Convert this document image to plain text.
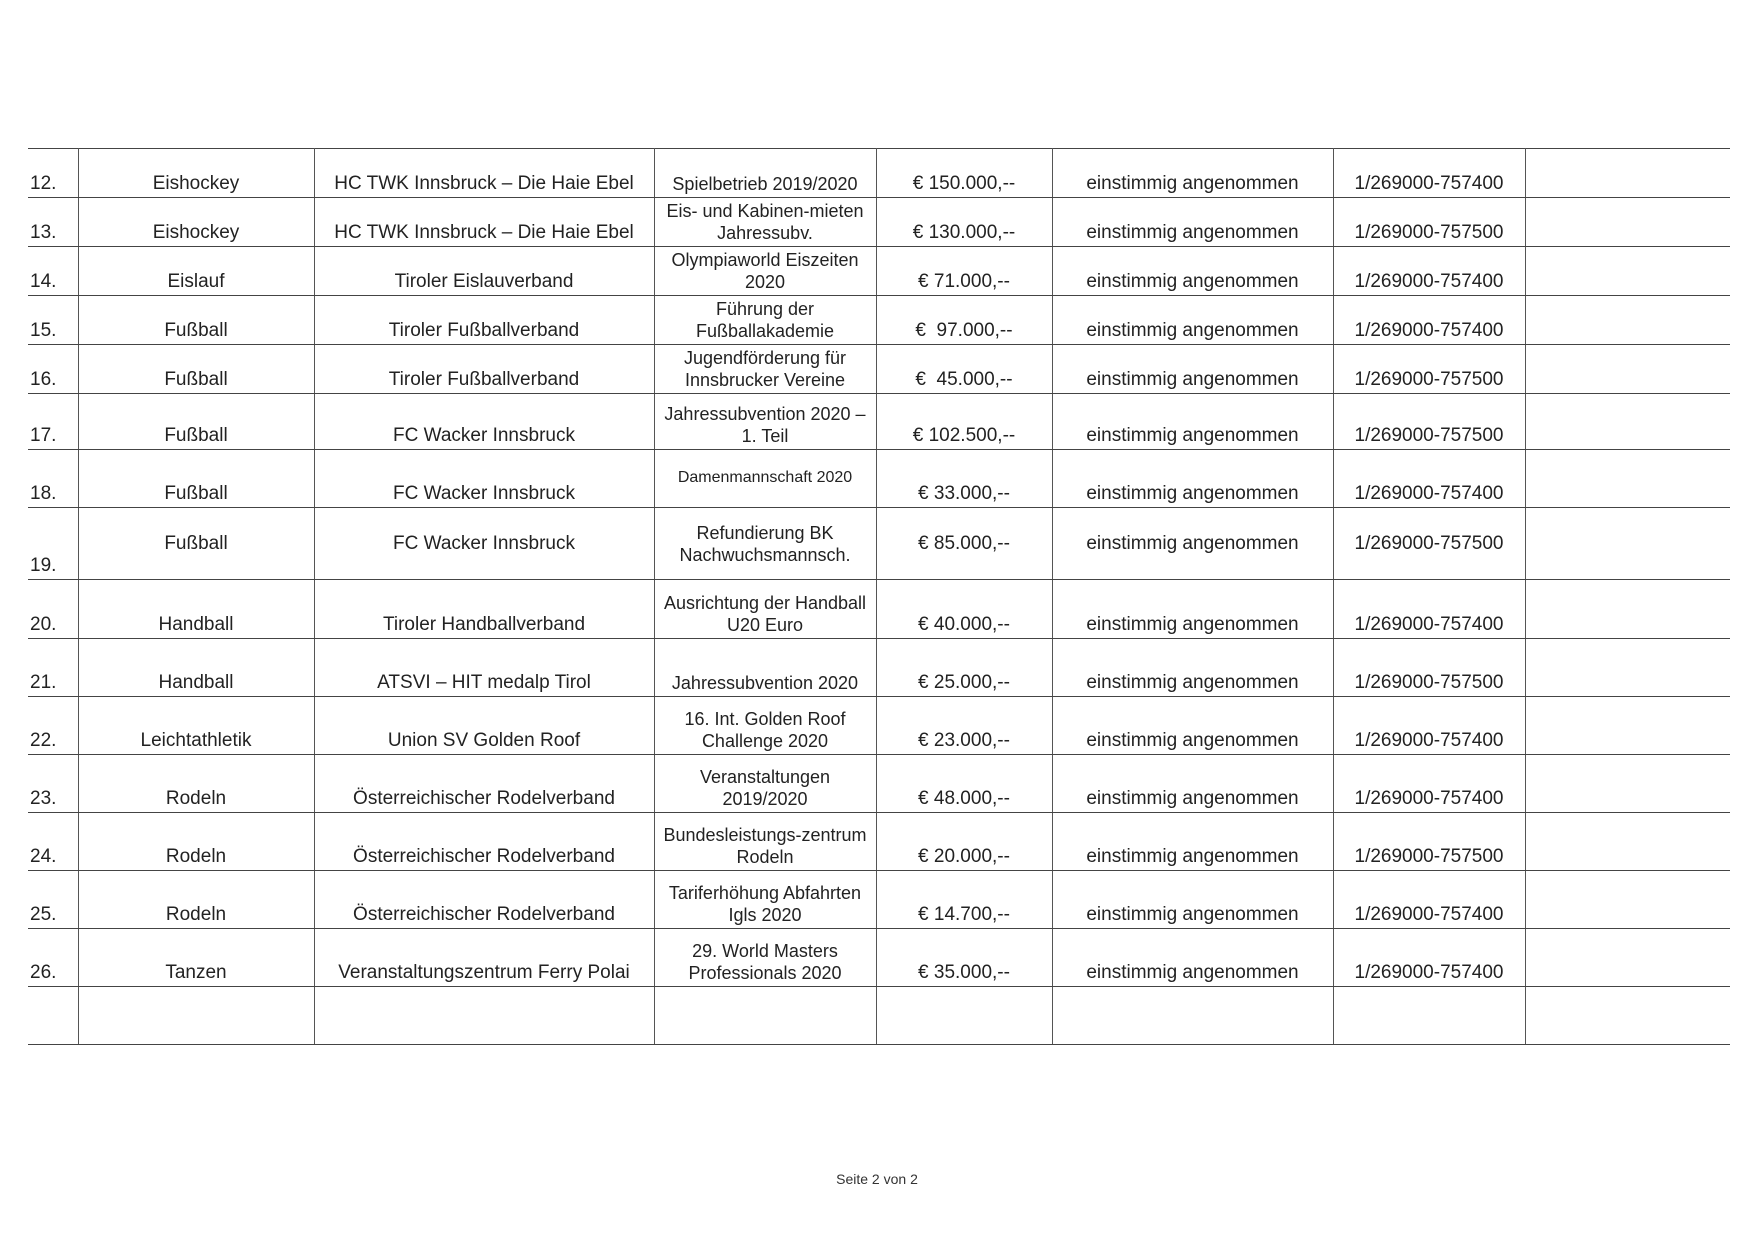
12.	Eishockey	HC TWK Innsbruck – Die Haie Ebel	Spielbetrieb 2019/2020	€ 150.000,--	einstimmig angenommen	1/269000-757400	
13.	Eishockey	HC TWK Innsbruck – Die Haie Ebel	Eis- und Kabinen-mieten Jahressubv.	€ 130.000,--	einstimmig angenommen	1/269000-757500	
14.	Eislauf	Tiroler Eislauverband	Olympiaworld Eiszeiten 2020	€ 71.000,--	einstimmig angenommen	1/269000-757400	
15.	Fußball	Tiroler Fußballverband	Führung der Fußballakademie	€  97.000,--	einstimmig angenommen	1/269000-757400	
16.	Fußball	Tiroler Fußballverband	Jugendförderung für Innsbrucker Vereine	€  45.000,--	einstimmig angenommen	1/269000-757500	
17.	Fußball	FC Wacker Innsbruck	Jahressubvention 2020 – 1. Teil	€ 102.500,--	einstimmig angenommen	1/269000-757500	
18.	Fußball	FC Wacker Innsbruck	Damenmannschaft 2020	€ 33.000,--	einstimmig angenommen	1/269000-757400	
19.	Fußball	FC Wacker Innsbruck	Refundierung BK Nachwuchsmannsch.	€ 85.000,--	einstimmig angenommen	1/269000-757500	
20.	Handball	Tiroler Handballverband	Ausrichtung der Handball U20 Euro	€ 40.000,--	einstimmig angenommen	1/269000-757400	
21.	Handball	ATSVI – HIT medalp Tirol	Jahressubvention 2020	€ 25.000,--	einstimmig angenommen	1/269000-757500	
22.	Leichtathletik	Union SV Golden Roof	16. Int. Golden Roof Challenge 2020	€ 23.000,--	einstimmig angenommen	1/269000-757400	
23.	Rodeln	Österreichischer Rodelverband	Veranstaltungen 2019/2020	€ 48.000,--	einstimmig angenommen	1/269000-757400	
24.	Rodeln	Österreichischer Rodelverband	Bundesleistungs-zentrum Rodeln	€ 20.000,--	einstimmig angenommen	1/269000-757500	
25.	Rodeln	Österreichischer Rodelverband	Tariferhöhung Abfahrten Igls 2020	€ 14.700,--	einstimmig angenommen	1/269000-757400	
26.	Tanzen	Veranstaltungszentrum Ferry Polai	29. World Masters Professionals 2020	€ 35.000,--	einstimmig angenommen	1/269000-757400	

Seite 2 von 2
